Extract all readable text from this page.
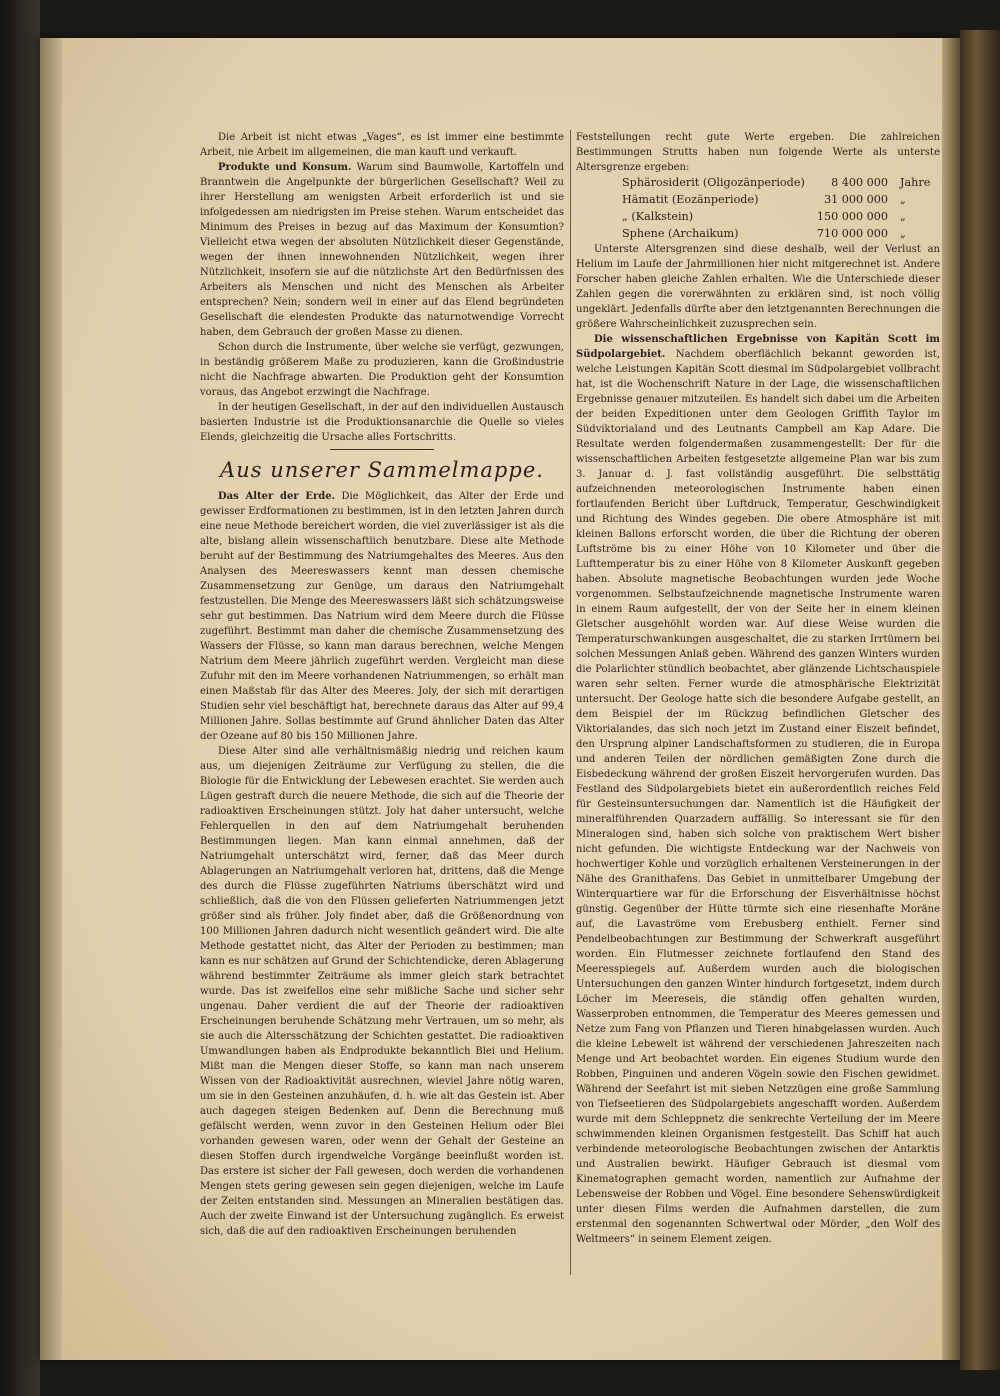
Die Arbeit ist nicht etwas „Vages“, es ist immer eine bestimmte Arbeit, nie Arbeit im allgemeinen, die man kauft und verkauft.

Produkte und Konsum. Warum sind Baumwolle, Kartoffeln und Branntwein die Angelpunkte der bürgerlichen Gesellschaft? Weil zu ihrer Herstellung am wenigsten Arbeit erforderlich ist und sie infolgedessen am niedrigsten im Preise stehen. Warum entscheidet das Minimum des Preises in bezug auf das Maximum der Konsumtion? Vielleicht etwa wegen der absoluten Nützlichkeit dieser Gegenstände, wegen der ihnen innewohnenden Nützlichkeit, wegen ihrer Nützlichkeit, insofern sie auf die nützlichste Art den Bedürfnissen des Arbeiters als Menschen und nicht des Menschen als Arbeiter entsprechen? Nein; sondern weil in einer auf das Elend begründeten Gesellschaft die elendesten Produkte das naturnotwendige Vorrecht haben, dem Gebrauch der großen Masse zu dienen.

Schon durch die Instrumente, über welche sie verfügt, gezwungen, in beständig größerem Maße zu produzieren, kann die Großindustrie nicht die Nachfrage abwarten. Die Produktion geht der Konsumtion voraus, das Angebot erzwingt die Nachfrage.

In der heutigen Gesellschaft, in der auf den individuellen Austausch basierten Industrie ist die Produktionsanarchie die Quelle so vieles Elends, gleichzeitig die Ursache alles Fortschritts.

Aus unserer Sammelmappe.

Das Alter der Erde. Die Möglichkeit, das Alter der Erde und gewisser Erdformationen zu bestimmen, ist in den letzten Jahren durch eine neue Methode bereichert worden, die viel zuverlässiger ist als die alte, bislang allein wissenschaftlich benutzbare. Diese alte Methode beruht auf der Bestimmung des Natriumgehaltes des Meeres. Aus den Analysen des Meereswassers kennt man dessen chemische Zusammensetzung zur Genüge, um daraus den Natriumgehalt festzustellen. Die Menge des Meereswassers läßt sich schätzungsweise sehr gut bestimmen. Das Natrium wird dem Meere durch die Flüsse zugeführt. Bestimmt man daher die chemische Zusammensetzung des Wassers der Flüsse, so kann man daraus berechnen, welche Mengen Natrium dem Meere jährlich zugeführt werden. Vergleicht man diese Zufuhr mit den im Meere vorhandenen Natriummengen, so erhält man einen Maßstab für das Alter des Meeres. Joly, der sich mit derartigen Studien sehr viel beschäftigt hat, berechnete daraus das Alter auf 99,4 Millionen Jahre. Sollas bestimmte auf Grund ähnlicher Daten das Alter der Ozeane auf 80 bis 150 Millionen Jahre.

Diese Alter sind alle verhältnismäßig niedrig und reichen kaum aus, um diejenigen Zeiträume zur Verfügung zu stellen, die die Biologie für die Entwicklung der Lebewesen erachtet. Sie werden auch Lügen gestraft durch die neuere Methode, die sich auf die Theorie der radioaktiven Erscheinungen stützt. Joly hat daher untersucht, welche Fehlerquellen in den auf dem Natriumgehalt beruhenden Bestimmungen liegen. Man kann einmal annehmen, daß der Natriumgehalt unterschätzt wird, ferner, daß das Meer durch Ablagerungen an Natriumgehalt verloren hat, drittens, daß die Menge des durch die Flüsse zugeführten Natriums überschätzt wird und schließlich, daß die von den Flüssen gelieferten Natriummengen jetzt größer sind als früher. Joly findet aber, daß die Größenordnung von 100 Millionen Jahren dadurch nicht wesentlich geändert wird. Die alte Methode gestattet nicht, das Alter der Perioden zu bestimmen; man kann es nur schätzen auf Grund der Schichtendicke, deren Ablagerung während bestimmter Zeiträume als immer gleich stark betrachtet wurde. Das ist zweifellos eine sehr mißliche Sache und sicher sehr ungenau. Daher verdient die auf der Theorie der radioaktiven Erscheinungen beruhende Schätzung mehr Vertrauen, um so mehr, als sie auch die Altersschätzung der Schichten gestattet. Die radioaktiven Umwandlungen haben als Endprodukte bekanntlich Blei und Helium. Mißt man die Mengen dieser Stoffe, so kann man nach unserem Wissen von der Radioaktivität ausrechnen, wieviel Jahre nötig waren, um sie in den Gesteinen anzuhäufen, d. h. wie alt das Gestein ist. Aber auch dagegen steigen Bedenken auf. Denn die Berechnung muß gefälscht werden, wenn zuvor in den Gesteinen Helium oder Blei vorhanden gewesen waren, oder wenn der Gehalt der Gesteine an diesen Stoffen durch irgendwelche Vorgänge beeinflußt worden ist. Das erstere ist sicher der Fall gewesen, doch werden die vorhandenen Mengen stets gering gewesen sein gegen diejenigen, welche im Laufe der Zeiten entstanden sind. Messungen an Mineralien bestätigen das. Auch der zweite Einwand ist der Untersuchung zugänglich. Es erweist sich, daß die auf den radioaktiven Erscheinungen beruhenden

Feststellungen recht gute Werte ergeben. Die zahlreichen Bestimmungen Strutts haben nun folgende Werte als unterste Altersgrenze ergeben:

Sphärosiderit (Oligozänperiode)	8 400 000	Jahre
Hämatit (Eozänperiode)	31 000 000	„
„ (Kalkstein)	150 000 000	„
Sphene (Archaikum)	710 000 000	„

Unterste Altersgrenzen sind diese deshalb, weil der Verlust an Helium im Laufe der Jahrmillionen hier nicht mitgerechnet ist. Andere Forscher haben gleiche Zahlen erhalten. Wie die Unterschiede dieser Zahlen gegen die vorerwähnten zu erklären sind, ist noch völlig ungeklärt. Jedenfalls dürfte aber den letztgenannten Berechnungen die größere Wahrscheinlichkeit zuzusprechen sein.

Die wissenschaftlichen Ergebnisse von Kapitän Scott im Südpolargebiet. Nachdem oberflächlich bekannt geworden ist, welche Leistungen Kapitän Scott diesmal im Südpolargebiet vollbracht hat, ist die Wochenschrift Nature in der Lage, die wissenschaftlichen Ergebnisse genauer mitzuteilen. Es handelt sich dabei um die Arbeiten der beiden Expeditionen unter dem Geologen Griffith Taylor im Südviktorialand und des Leutnants Campbell am Kap Adare. Die Resultate werden folgendermaßen zusammengestellt: Der für die wissenschaftlichen Arbeiten festgesetzte allgemeine Plan war bis zum 3. Januar d. J. fast vollständig ausgeführt. Die selbsttätig aufzeichnenden meteorologischen Instrumente haben einen fortlaufenden Bericht über Luftdruck, Temperatur, Geschwindigkeit und Richtung des Windes gegeben. Die obere Atmosphäre ist mit kleinen Ballons erforscht worden, die über die Richtung der oberen Luftströme bis zu einer Höhe von 10 Kilometer und über die Lufttemperatur bis zu einer Höhe von 8 Kilometer Auskunft gegeben haben. Absolute magnetische Beobachtungen wurden jede Woche vorgenommen. Selbstaufzeichnende magnetische Instrumente waren in einem Raum aufgestellt, der von der Seite her in einem kleinen Gletscher ausgehöhlt worden war. Auf diese Weise wurden die Temperaturschwankungen ausgeschaltet, die zu starken Irrtümern bei solchen Messungen Anlaß geben. Während des ganzen Winters wurden die Polarlichter stündlich beobachtet, aber glänzende Lichtschauspiele waren sehr selten. Ferner wurde die atmosphärische Elektrizität untersucht. Der Geologe hatte sich die besondere Aufgabe gestellt, an dem Beispiel der im Rückzug befindlichen Gletscher des Viktorialandes, das sich noch jetzt im Zustand einer Eiszeit befindet, den Ursprung alpiner Landschaftsformen zu studieren, die in Europa und anderen Teilen der nördlichen gemäßigten Zone durch die Eisbedeckung während der großen Eiszeit hervorgerufen wurden. Das Festland des Südpolargebiets bietet ein außerordentlich reiches Feld für Gesteinsuntersuchungen dar. Namentlich ist die Häufigkeit der mineralführenden Quarzadern auffällig. So interessant sie für den Mineralogen sind, haben sich solche von praktischem Wert bisher nicht gefunden. Die wichtigste Entdeckung war der Nachweis von hochwertiger Kohle und vorzüglich erhaltenen Versteinerungen in der Nähe des Granithafens. Das Gebiet in unmittelbarer Umgebung der Winterquartiere war für die Erforschung der Eisverhältnisse höchst günstig. Gegenüber der Hütte türmte sich eine riesenhafte Moräne auf, die Lavaströme vom Erebusberg enthielt. Ferner sind Pendelbeobachtungen zur Bestimmung der Schwerkraft ausgeführt worden. Ein Flutmesser zeichnete fortlaufend den Stand des Meeresspiegels auf. Außerdem wurden auch die biologischen Untersuchungen den ganzen Winter hindurch fortgesetzt, indem durch Löcher im Meereseis, die ständig offen gehalten wurden, Wasserproben entnommen, die Temperatur des Meeres gemessen und Netze zum Fang von Pflanzen und Tieren hinabgelassen wurden. Auch die kleine Lebewelt ist während der verschiedenen Jahreszeiten nach Menge und Art beobachtet worden. Ein eigenes Studium wurde den Robben, Pinguinen und anderen Vögeln sowie den Fischen gewidmet. Während der Seefahrt ist mit sieben Netzzügen eine große Sammlung von Tiefseetieren des Südpolargebiets angeschafft worden. Außerdem wurde mit dem Schleppnetz die senkrechte Verteilung der im Meere schwimmenden kleinen Organismen festgestellt. Das Schiff hat auch verbindende meteorologische Beobachtungen zwischen der Antarktis und Australien bewirkt. Häufiger Gebrauch ist diesmal vom Kinematographen gemacht worden, namentlich zur Aufnahme der Lebensweise der Robben und Vögel. Eine besondere Sehenswürdigkeit unter diesen Films werden die Aufnahmen darstellen, die zum erstenmal den sogenannten Schwertwal oder Mörder, „den Wolf des Weltmeers“ in seinem Element zeigen.
